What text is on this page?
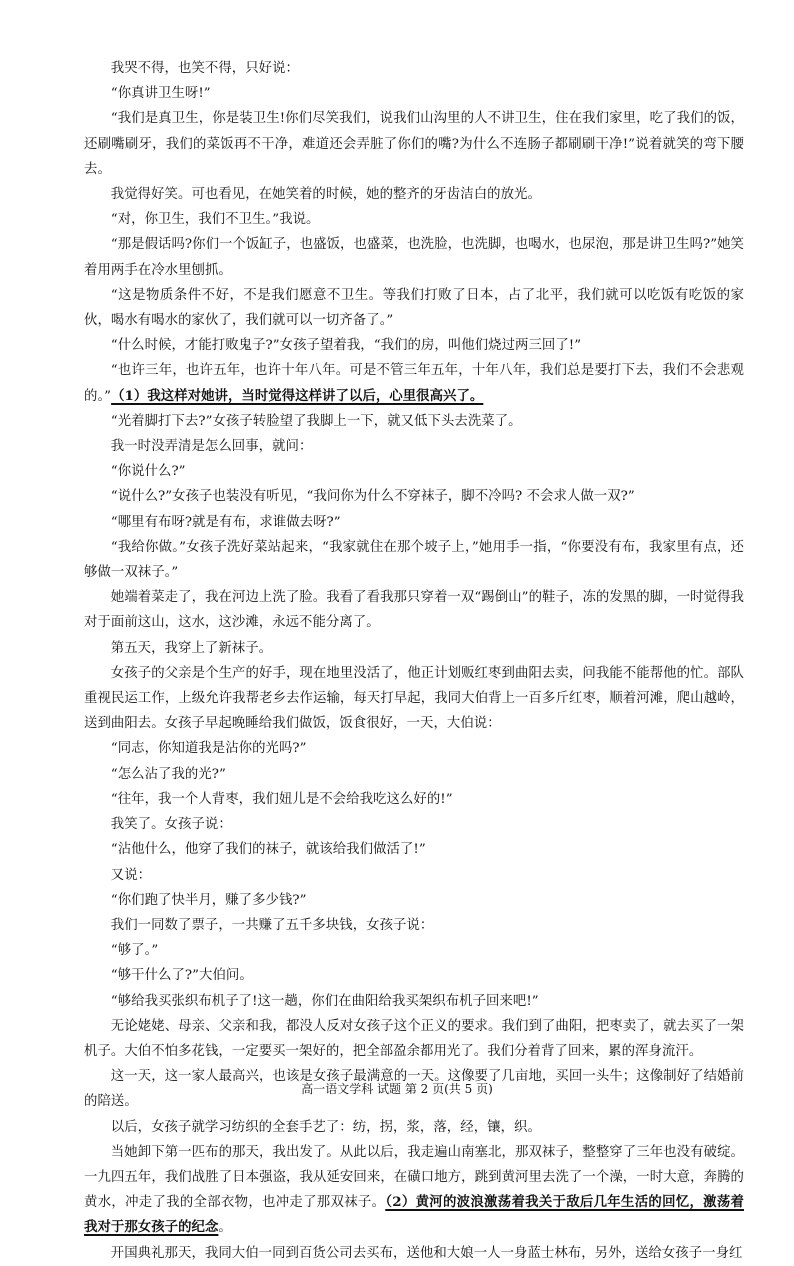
我哭不得，也笑不得，只好说：

“你真讲卫生呀!”

“我们是真卫生，你是装卫生!你们尽笑我们，说我们山沟里的人不讲卫生，住在我们家里，吃了我们的饭，还刷嘴刷牙，我们的菜饭再不干净，难道还会弄脏了你们的嘴?为什么不连肠子都刷刷干净!”说着就笑的弯下腰去。

我觉得好笑。可也看见，在她笑着的时候，她的整齐的牙齿洁白的放光。

“对，你卫生，我们不卫生。”我说。

“那是假话吗?你们一个饭缸子，也盛饭，也盛菜，也洗脸，也洗脚，也喝水，也尿泡，那是讲卫生吗?”她笑着用两手在冷水里刨抓。

“这是物质条件不好，不是我们愿意不卫生。等我们打败了日本，占了北平，我们就可以吃饭有吃饭的家伙，喝水有喝水的家伙了，我们就可以一切齐备了。”

“什么时候，才能打败鬼子?”女孩子望着我，“我们的房，叫他们烧过两三回了!”

“也许三年，也许五年，也许十年八年。可是不管三年五年，十年八年，我们总是要打下去，我们不会悲观的。”（1）我这样对她讲，当时觉得这样讲了以后，心里很高兴了。

“光着脚打下去?”女孩子转脸望了我脚上一下，就又低下头去洗菜了。

我一时没弄清是怎么回事，就问：

“你说什么?”

“说什么?”女孩子也装没有听见，“我问你为什么不穿袜子，脚不冷吗? 不会求人做一双?”

“哪里有布呀?就是有布，求谁做去呀?”

“我给你做。”女孩子洗好菜站起来，“我家就住在那个坡子上，”她用手一指，“你要没有布，我家里有点，还够做一双袜子。”

她端着菜走了，我在河边上洗了脸。我看了看我那只穿着一双“踢倒山”的鞋子，冻的发黑的脚，一时觉得我对于面前这山，这水，这沙滩，永远不能分离了。

第五天，我穿上了新袜子。

女孩子的父亲是个生产的好手，现在地里没活了，他正计划贩红枣到曲阳去卖，问我能不能帮他的忙。部队重视民运工作，上级允许我帮老乡去作运输，每天打早起，我同大伯背上一百多斤红枣，顺着河滩，爬山越岭，送到曲阳去。女孩子早起晚睡给我们做饭，饭食很好，一天，大伯说：

“同志，你知道我是沾你的光吗?”

“怎么沾了我的光?”

“往年，我一个人背枣，我们妞儿是不会给我吃这么好的!”

我笑了。女孩子说：

“沾他什么，他穿了我们的袜子，就该给我们做活了!”

又说：

“你们跑了快半月，赚了多少钱?”

我们一同数了票子，一共赚了五千多块钱，女孩子说：

“够了。”

“够干什么了?”大伯问。

“够给我买张织布机子了!这一趟，你们在曲阳给我买架织布机子回来吧!”

无论姥姥、母亲、父亲和我，都没人反对女孩子这个正义的要求。我们到了曲阳，把枣卖了，就去买了一架机子。大伯不怕多花钱，一定要买一架好的，把全部盈余都用光了。我们分着背了回来，累的浑身流汗。

这一天，这一家人最高兴，也该是女孩子最满意的一天。这像要了几亩地，买回一头牛；这像制好了结婚前的陪送。

以后，女孩子就学习纺织的全套手艺了：纺，拐，浆，落，经，镶，织。

当她卸下第一匹布的那天，我出发了。从此以后，我走遍山南塞北，那双袜子，整整穿了三年也没有破绽。一九四五年，我们战胜了日本强盗，我从延安回来，在磺口地方，跳到黄河里去洗了一个澡，一时大意，奔腾的黄水，冲走了我的全部衣物，也冲走了那双袜子。（2）黄河的波浪激荡着我关于敌后几年生活的回忆，激荡着我对于那女孩子的纪念。

开国典礼那天，我同大伯一同到百货公司去买布，送他和大娘一人一身蓝士林布，另外，送给女孩子一身红

高一语文学科 试题 第 2 页(共 5 页)
